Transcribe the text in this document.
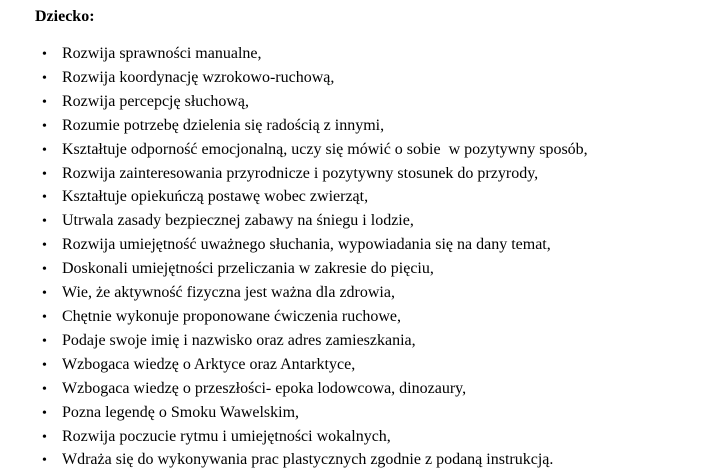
Dziecko:
• Rozwija sprawności manualne,
• Rozwija koordynację wzrokowo-ruchową,
• Rozwija percepcję słuchową,
• Rozumie potrzebę dzielenia się radością z innymi,
• Kształtuje odporność emocjonalną, uczy się mówić o sobie  w pozytywny sposób,
• Rozwija zainteresowania przyrodnicze i pozytywny stosunek do przyrody,
• Kształtuje opiekuńczą postawę wobec zwierząt,
• Utrwala zasady bezpiecznej zabawy na śniegu i lodzie,
• Rozwija umiejętność uważnego słuchania, wypowiadania się na dany temat,
• Doskonali umiejętności przeliczania w zakresie do pięciu,
• Wie, że aktywność fizyczna jest ważna dla zdrowia,
• Chętnie wykonuje proponowane ćwiczenia ruchowe,
• Podaje swoje imię i nazwisko oraz adres zamieszkania,
• Wzbogaca wiedzę o Arktyce oraz Antarktyce,
• Wzbogaca wiedzę o przeszłości- epoka lodowcowa, dinozaury,
• Pozna legendę o Smoku Wawelskim,
• Rozwija poczucie rytmu i umiejętności wokalnych,
• Wdraża się do wykonywania prac plastycznych zgodnie z podaną instrukcją.
